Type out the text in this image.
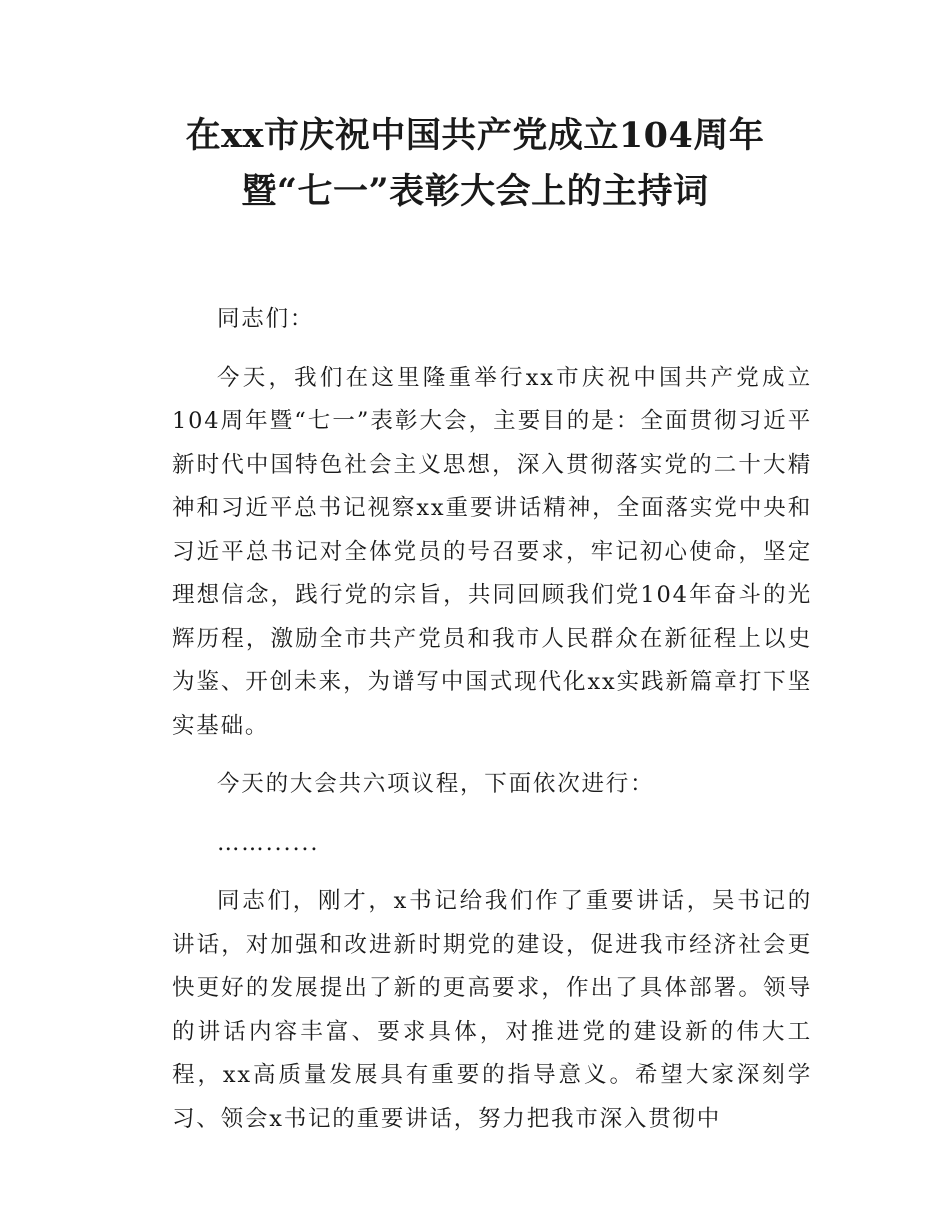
在xx市庆祝中国共产党成立104周年暨“七一”表彰大会上的主持词

同志们：

今天，我们在这里隆重举行xx市庆祝中国共产党成立104周年暨“七一”表彰大会，主要目的是：全面贯彻习近平新时代中国特色社会主义思想，深入贯彻落实党的二十大精神和习近平总书记视察xx重要讲话精神，全面落实党中央和习近平总书记对全体党员的号召要求，牢记初心使命，坚定理想信念，践行党的宗旨，共同回顾我们党104年奋斗的光辉历程，激励全市共产党员和我市人民群众在新征程上以史为鉴、开创未来，为谱写中国式现代化xx实践新篇章打下坚实基础。

今天的大会共六项议程，下面依次进行：

……......

同志们，刚才，x书记给我们作了重要讲话，吴书记的讲话，对加强和改进新时期党的建设，促进我市经济社会更快更好的发展提出了新的更高要求，作出了具体部署。领导的讲话内容丰富、要求具体，对推进党的建设新的伟大工程，xx高质量发展具有重要的指导意义。希望大家深刻学习、领会x书记的重要讲话，努力把我市深入贯彻中
